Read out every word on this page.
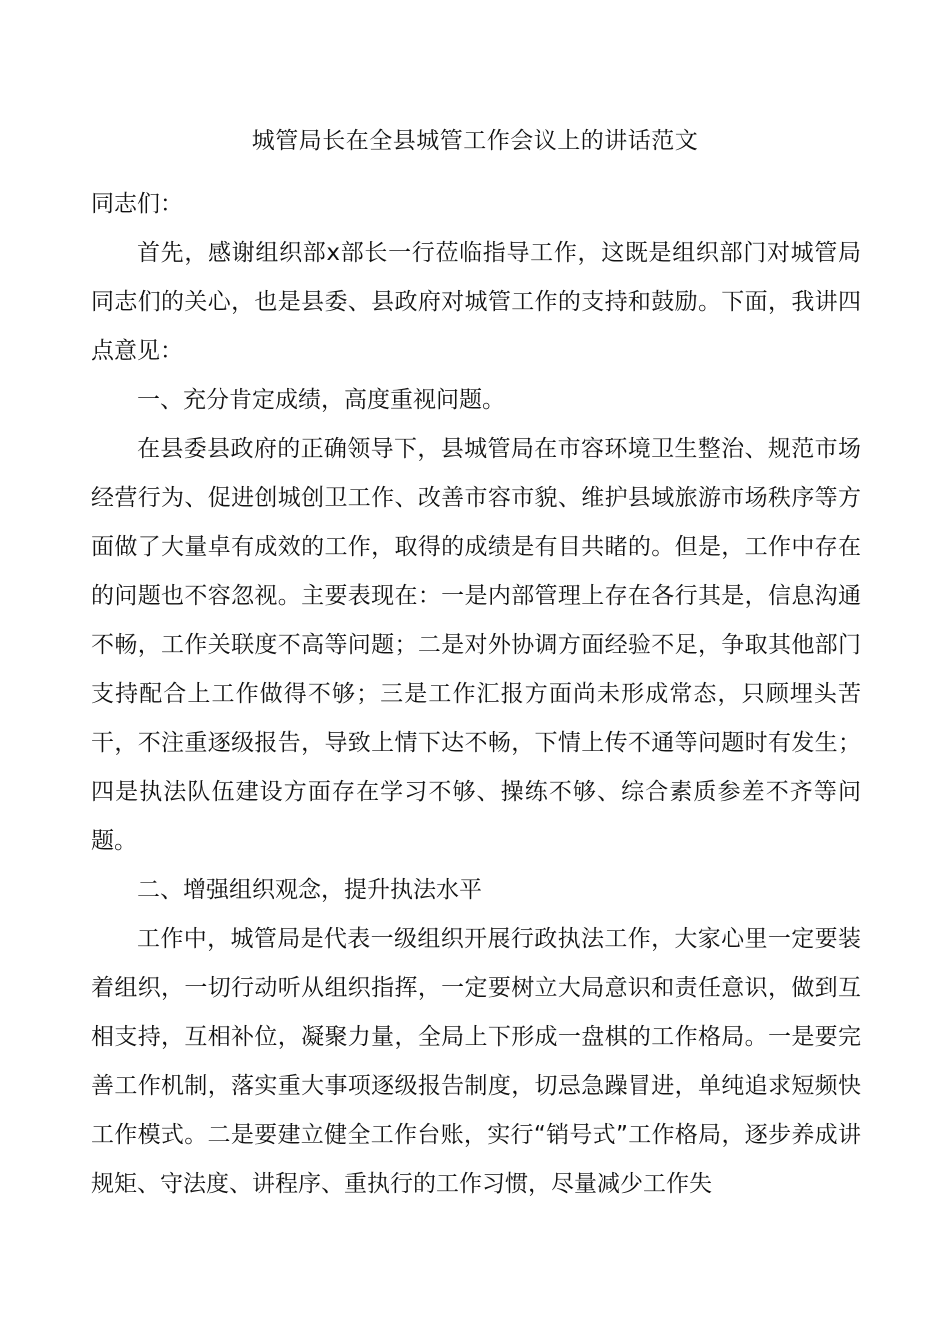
城管局长在全县城管工作会议上的讲话范文

同志们：

首先，感谢组织部x部长一行莅临指导工作，这既是组织部门对城管局同志们的关心，也是县委、县政府对城管工作的支持和鼓励。下面，我讲四点意见：

一、充分肯定成绩，高度重视问题。

在县委县政府的正确领导下，县城管局在市容环境卫生整治、规范市场经营行为、促进创城创卫工作、改善市容市貌、维护县域旅游市场秩序等方面做了大量卓有成效的工作，取得的成绩是有目共睹的。但是，工作中存在的问题也不容忽视。主要表现在：一是内部管理上存在各行其是，信息沟通不畅，工作关联度不高等问题；二是对外协调方面经验不足，争取其他部门支持配合上工作做得不够；三是工作汇报方面尚未形成常态，只顾埋头苦干，不注重逐级报告，导致上情下达不畅，下情上传不通等问题时有发生；四是执法队伍建设方面存在学习不够、操练不够、综合素质参差不齐等问题。

二、增强组织观念，提升执法水平

工作中，城管局是代表一级组织开展行政执法工作，大家心里一定要装着组织，一切行动听从组织指挥，一定要树立大局意识和责任意识，做到互相支持，互相补位，凝聚力量，全局上下形成一盘棋的工作格局。一是要完善工作机制，落实重大事项逐级报告制度，切忌急躁冒进，单纯追求短频快工作模式。二是要建立健全工作台账，实行“销号式”工作格局，逐步养成讲规矩、守法度、讲程序、重执行的工作习惯，尽量减少工作失
